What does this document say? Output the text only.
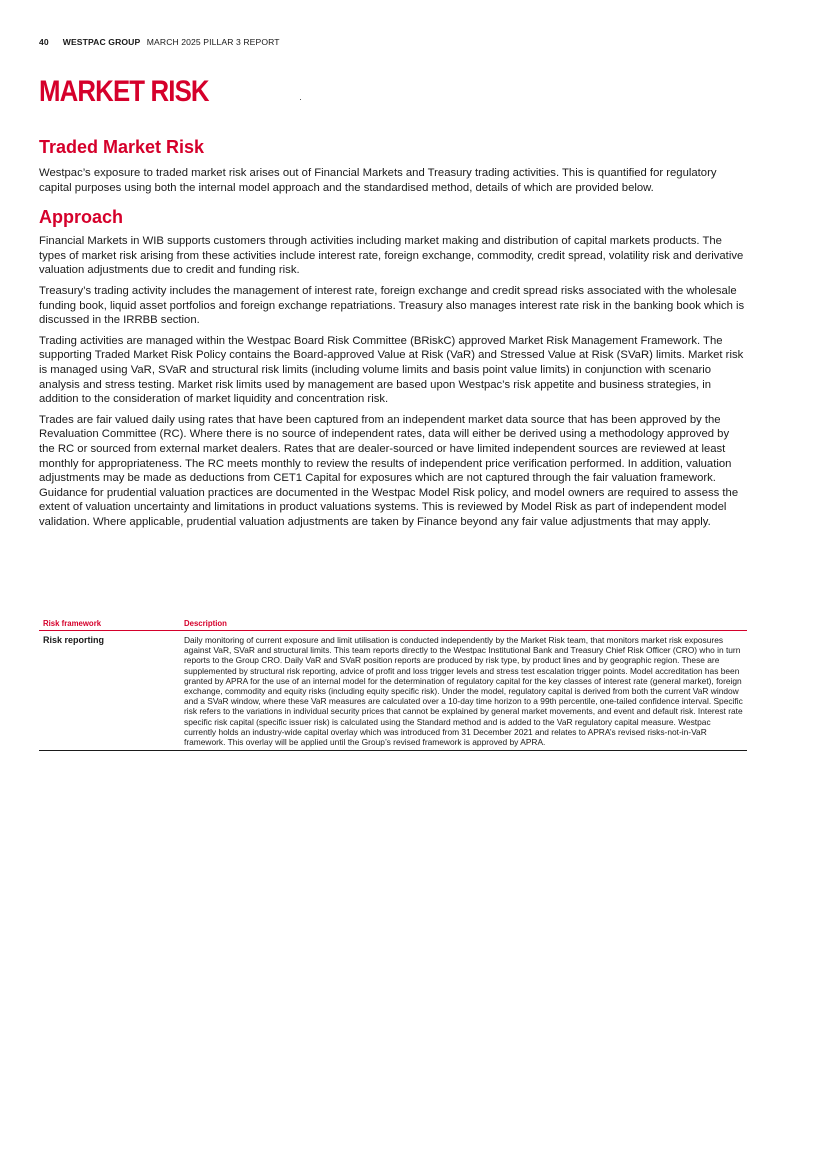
40 WESTPAC GROUP MARCH 2025 PILLAR 3 REPORT
MARKET RISK
Traded Market Risk

Westpac’s exposure to traded market risk arises out of Financial Markets and Treasury trading activities. This is quantified for regulatory capital purposes using both the internal model approach and the standardised method, details of which are provided below.

Approach

Financial Markets in WIB supports customers through activities including market making and distribution of capital markets products. The types of market risk arising from these activities include interest rate, foreign exchange, commodity, credit spread, volatility risk and derivative valuation adjustments due to credit and funding risk.

Treasury’s trading activity includes the management of interest rate, foreign exchange and credit spread risks associated with the wholesale funding book, liquid asset portfolios and foreign exchange repatriations. Treasury also manages interest rate risk in the banking book which is discussed in the IRRBB section.

Trading activities are managed within the Westpac Board Risk Committee (BRiskC) approved Market Risk Management Framework. The supporting Traded Market Risk Policy contains the Board-approved Value at Risk (VaR) and Stressed Value at Risk (SVaR) limits. Market risk is managed using VaR, SVaR and structural risk limits (including volume limits and basis point value limits) in conjunction with scenario analysis and stress testing. Market risk limits used by management are based upon Westpac’s risk appetite and business strategies, in addition to the consideration of market liquidity and concentration risk.

Trades are fair valued daily using rates that have been captured from an independent market data source that has been approved by the Revaluation Committee (RC). Where there is no source of independent rates, data will either be derived using a methodology approved by the RC or sourced from external market dealers. Rates that are dealer-sourced or have limited independent sources are reviewed at least monthly for appropriateness. The RC meets monthly to review the results of independent price verification performed. In addition, valuation adjustments may be made as deductions from CET1 Capital for exposures which are not captured through the fair valuation framework. Guidance for prudential valuation practices are documented in the Westpac Model Risk policy, and model owners are required to assess the extent of valuation uncertainty and limitations in product valuations systems. This is reviewed by Model Risk as part of independent model validation. Where applicable, prudential valuation adjustments are taken by Finance beyond any fair value adjustments that may apply.

Risk framework	Description
Risk reporting	Daily monitoring of current exposure and limit utilisation is conducted independently by the Market Risk team, that monitors market risk exposures against VaR, SVaR and structural limits. This team reports directly to the Westpac Institutional Bank and Treasury Chief Risk Officer (CRO) who in turn reports to the Group CRO. Daily VaR and SVaR position reports are produced by risk type, by product lines and by geographic region. These are supplemented by structural risk reporting, advice of profit and loss trigger levels and stress test escalation trigger points. Model accreditation has been granted by APRA for the use of an internal model for the determination of regulatory capital for the key classes of interest rate (general market), foreign exchange, commodity and equity risks (including equity specific risk). Under the model, regulatory capital is derived from both the current VaR window and a SVaR window, where these VaR measures are calculated over a 10-day time horizon to a 99th percentile, one-tailed confidence interval. Specific risk refers to the variations in individual security prices that cannot be explained by general market movements, and event and default risk. Interest rate specific risk capital (specific issuer risk) is calculated using the Standard method and is added to the VaR regulatory capital measure. Westpac currently holds an industry-wide capital overlay which was introduced from 31 December 2021 and relates to APRA’s revised risks-not-in-VaR framework. This overlay will be applied until the Group’s revised framework is approved by APRA.
